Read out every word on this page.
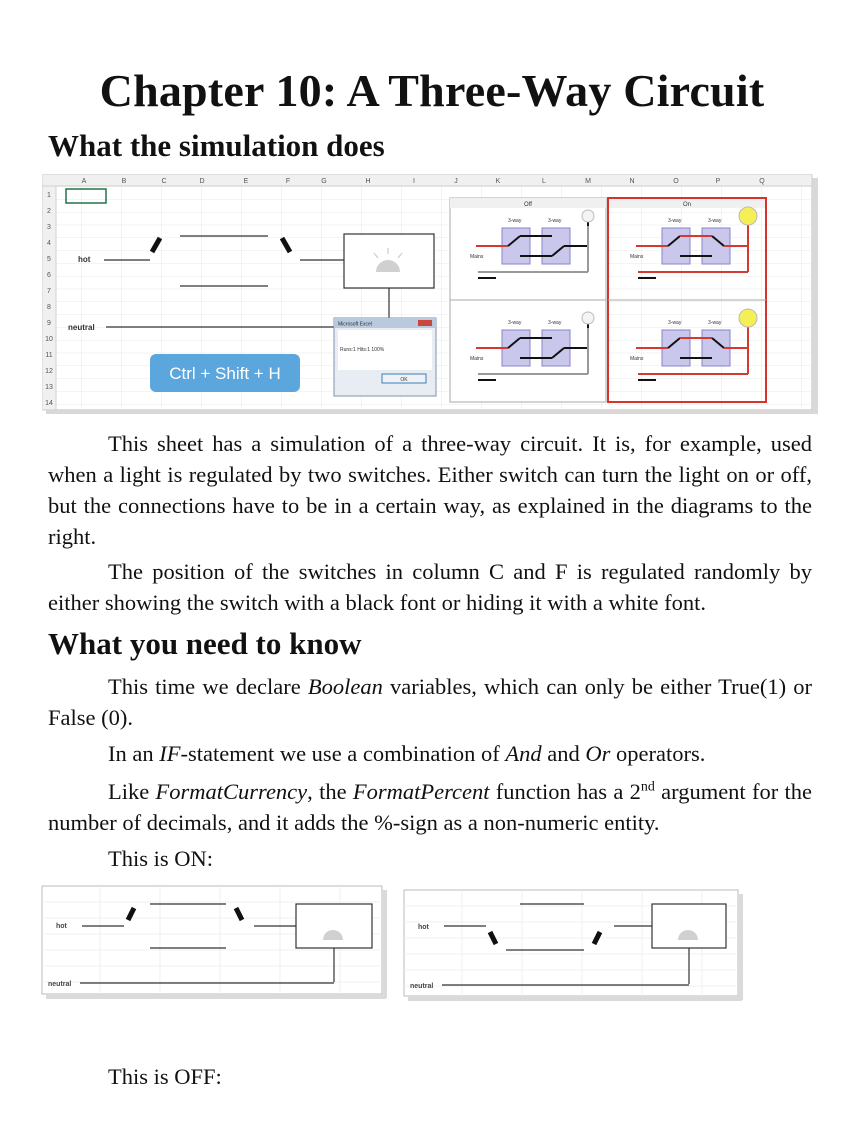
Chapter 10: A Three-Way Circuit
What the simulation does
A	B	C	D	E	F	G	H	I	J	K	L	M	N	O	P	Q
1
2
3
4
5
6
7
8
9
10
11
12
13
14
hot
neutral	Microsoft Excel
Runs:1 Hits:1 100%
OK
Ctrl + Shift + H
Off	On
3-way	3-way
Mains
3-way	3-way
Mains
3-way	3-way
Mains
3-way	3-way
Mains

This sheet has a simulation of a three-way circuit. It is, for example, used when a light is regulated by two switches. Either switch can turn the light on or off, but the connections have to be in a certain way, as explained in the diagrams to the right.

The position of the switches in column C and F is regulated randomly by either showing the switch with a black font or hiding it with a white font.

What you need to know

This time we declare Boolean variables, which can only be either True(1) or False (0).

In an IF-statement we use a combination of And and Or operators.

Like FormatCurrency, the FormatPercent function has a 2nd argument for the number of decimals, and it adds the %-sign as a non-numeric entity.

This is ON:

hot
neutral
hot
neutral

This is OFF:
